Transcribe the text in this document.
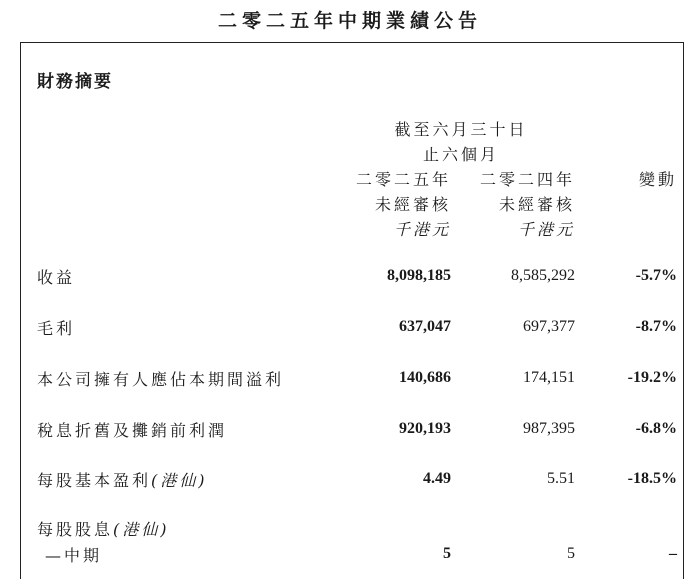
二零二五年中期業績公告
財務摘要
截至六月三十日
止六個月
二零二五年
未經審核
千港元
二零二四年
未經審核
千港元
變動
收益	8,098,185	8,585,292	-5.7%
毛利	637,047	697,377	-8.7%
本公司擁有人應佔本期間溢利	140,686	174,151	-19.2%
稅息折舊及攤銷前利潤	920,193	987,395	-6.8%
每股基本盈利(港仙)	4.49	5.51	-18.5%
每股股息(港仙)
—中期	5	5	–
